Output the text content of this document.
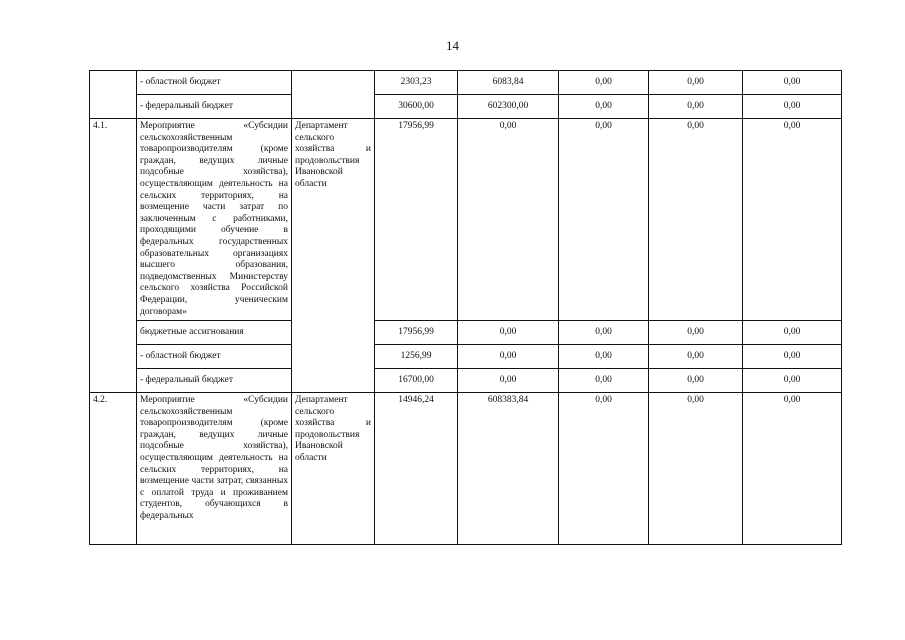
14
	- областной бюджет		2303,23	6083,84	0,00	0,00	0,00
	- федеральный бюджет		30600,00	602300,00	0,00	0,00	0,00
4.1.	Мероприятие «Субсидии сельскохозяйственным товаропроизводителям (кроме граждан, ведущих личные подсобные хозяйства), осуществляющим деятельность на сельских территориях, на возмещение части затрат по заключенным с работниками, проходящими обучение в федеральных государственных образовательных организациях высшего образования, подведомственных Министерству сельского хозяйства Российской Федерации, ученическим договорам»	Департамент сельского хозяйства и продовольствия Ивановской области	17956,99	0,00	0,00	0,00	0,00
	бюджетные ассигнования		17956,99	0,00	0,00	0,00	0,00
	- областной бюджет		1256,99	0,00	0,00	0,00	0,00
	- федеральный бюджет		16700,00	0,00	0,00	0,00	0,00
4.2.	Мероприятие «Субсидии сельскохозяйственным товаропроизводителям (кроме граждан, ведущих личные подсобные хозяйства), осуществляющим деятельность на сельских территориях, на возмещение части затрат, связанных с оплатой труда и проживанием студентов, обучающихся в федеральных	Департамент сельского хозяйства и продовольствия Ивановской области	14946,24	608383,84	0,00	0,00	0,00
